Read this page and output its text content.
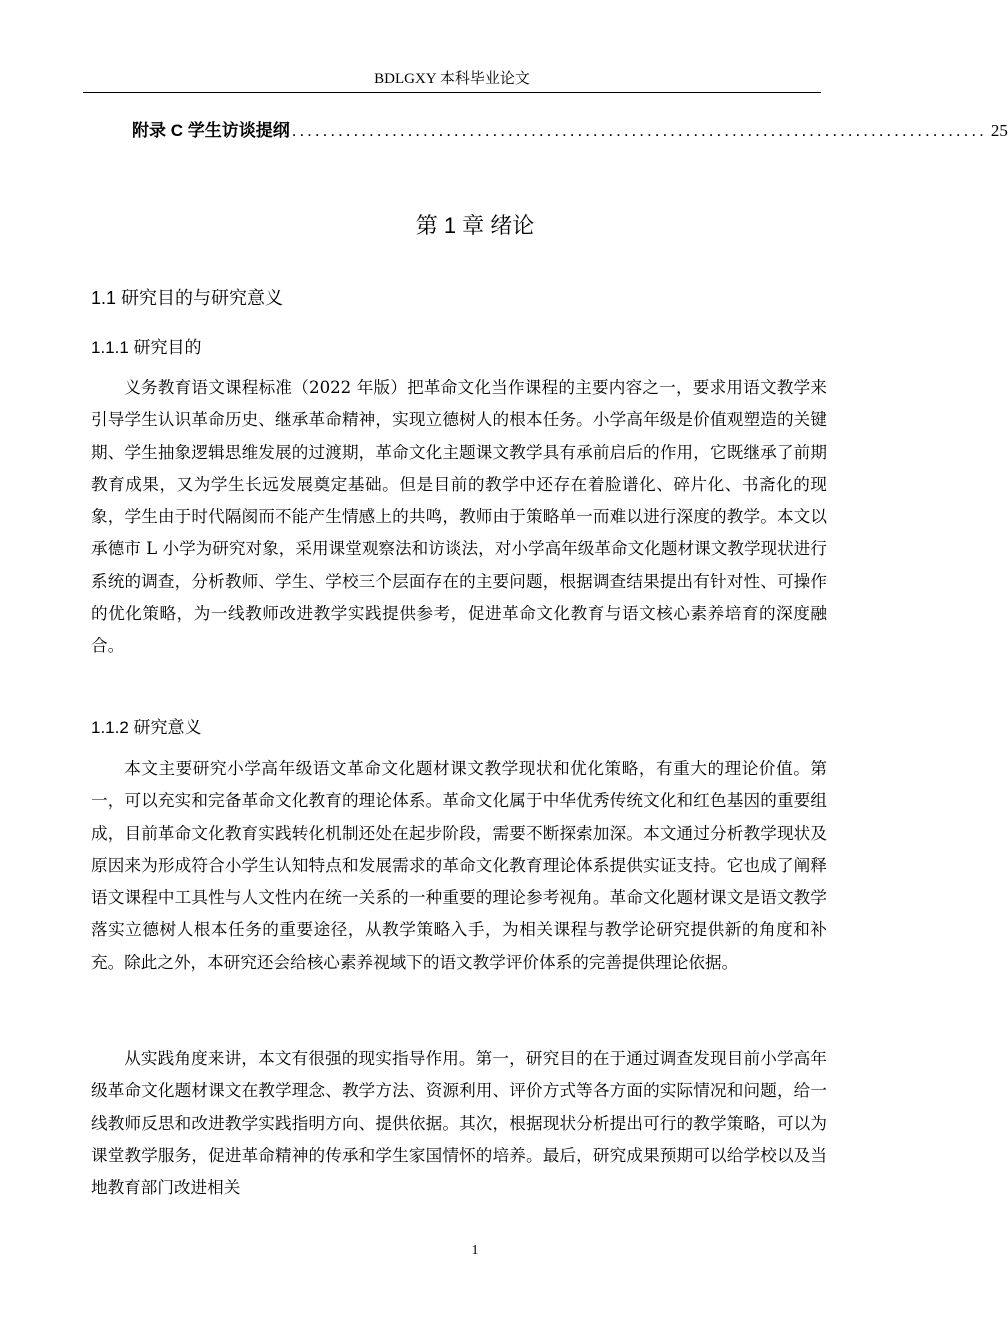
BDLGXY 本科毕业论文
附录 C 学生访谈提纲 .......................................................................................... 25
第 1 章 绪论
1.1 研究目的与研究意义
1.1.1 研究目的

义务教育语文课程标准（2022 年版）把革命文化当作课程的主要内容之一，要求用语文教学来引导学生认识革命历史、继承革命精神，实现立德树人的根本任务。小学高年级是价值观塑造的关键期、学生抽象逻辑思维发展的过渡期，革命文化主题课文教学具有承前启后的作用，它既继承了前期教育成果，又为学生长远发展奠定基础。但是目前的教学中还存在着脸谱化、碎片化、书斋化的现象，学生由于时代隔阂而不能产生情感上的共鸣，教师由于策略单一而难以进行深度的教学。本文以承德市 L 小学为研究对象，采用课堂观察法和访谈法，对小学高年级革命文化题材课文教学现状进行系统的调查，分析教师、学生、学校三个层面存在的主要问题，根据调查结果提出有针对性、可操作的优化策略，为一线教师改进教学实践提供参考，促进革命文化教育与语文核心素养培育的深度融合。

1.1.2 研究意义

本文主要研究小学高年级语文革命文化题材课文教学现状和优化策略，有重大的理论价值。第一，可以充实和完备革命文化教育的理论体系。革命文化属于中华优秀传统文化和红色基因的重要组成，目前革命文化教育实践转化机制还处在起步阶段，需要不断探索加深。本文通过分析教学现状及原因来为形成符合小学生认知特点和发展需求的革命文化教育理论体系提供实证支持。它也成了阐释语文课程中工具性与人文性内在统一关系的一种重要的理论参考视角。革命文化题材课文是语文教学落实立德树人根本任务的重要途径，从教学策略入手，为相关课程与教学论研究提供新的角度和补充。除此之外，本研究还会给核心素养视域下的语文教学评价体系的完善提供理论依据。

从实践角度来讲，本文有很强的现实指导作用。第一，研究目的在于通过调查发现目前小学高年级革命文化题材课文在教学理念、教学方法、资源利用、评价方式等各方面的实际情况和问题，给一线教师反思和改进教学实践指明方向、提供依据。其次，根据现状分析提出可行的教学策略，可以为课堂教学服务，促进革命精神的传承和学生家国情怀的培养。最后，研究成果预期可以给学校以及当地教育部门改进相关

1
